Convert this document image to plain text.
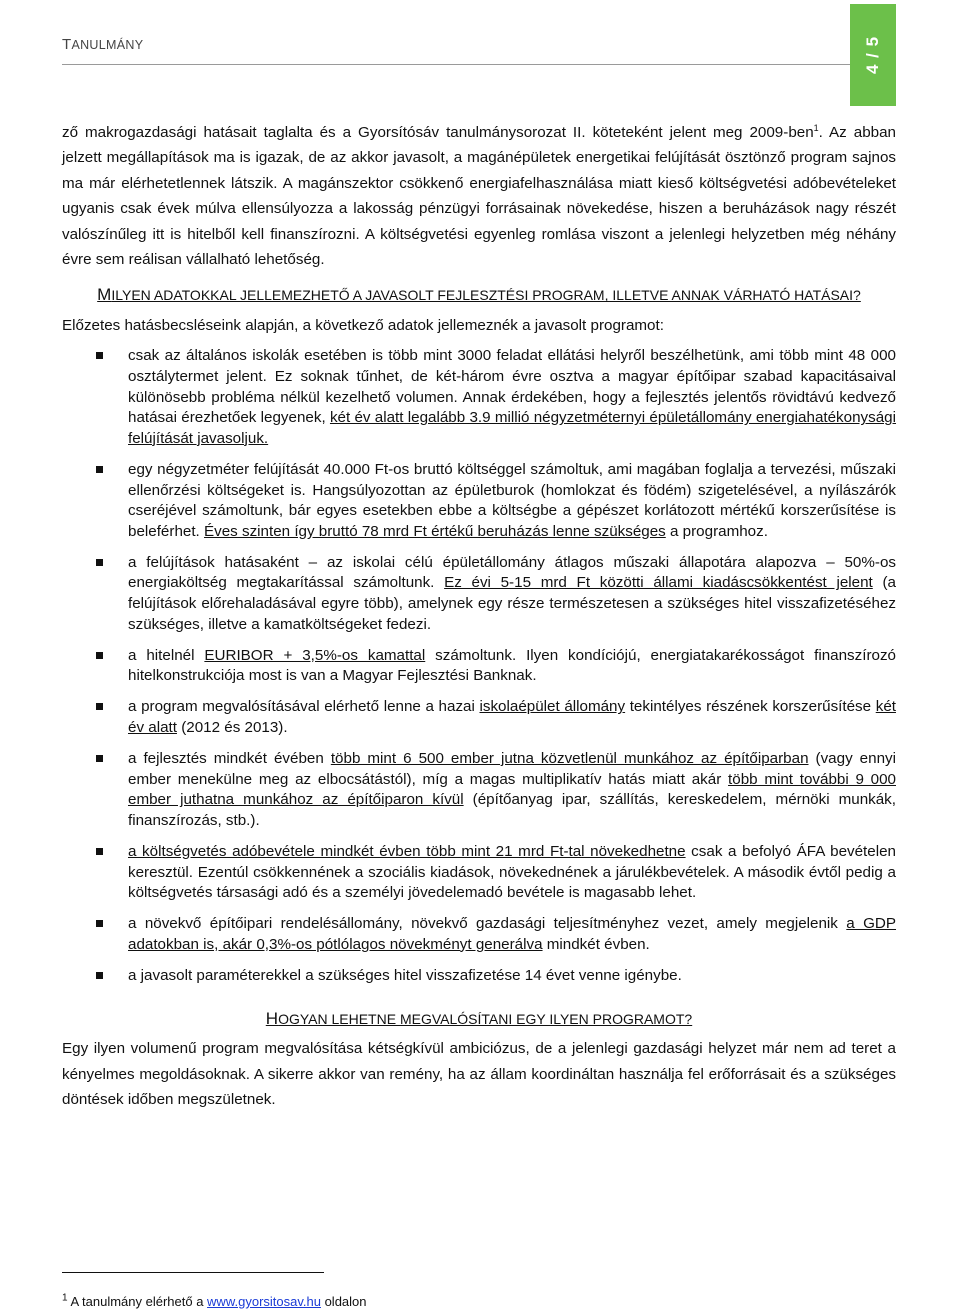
TANULMÁNY	4 / 5

ző makrogazdasági hatásait taglalta és a Gyorsítósáv tanulmánysorozat II. köteteként jelent meg 2009-ben$^1$. Az abban jelzett megállapítások ma is igazak, de az akkor javasolt, a magánépületek energetikai felújítását ösztönző program sajnos ma már elérhetetlennek látszik. A magánszektor csökkenő energiafelhasználása miatt kieső költségvetési adóbevételeket ugyanis csak évek múlva ellensúlyozza a lakosság pénzügyi forrásainak növekedése, hiszen a beruházások nagy részét valószínűleg itt is hitelből kell finanszírozni. A költségvetési egyenleg romlása viszont a jelenlegi helyzetben még néhány évre sem reálisan vállalható lehetőség.

MILYEN ADATOKKAL JELLEMEZHETŐ A JAVASOLT FEJLESZTÉSI PROGRAM, ILLETVE ANNAK VÁRHATÓ HATÁSAI?

Előzetes hatásbecsléseink alapján, a következő adatok jellemeznék a javasolt programot:

csak az általános iskolák esetében is több mint 3000 feladat ellátási helyről beszélhetünk, ami több mint 48 000 osztálytermet jelent. Ez soknak tűnhet, de két-három évre osztva a magyar építőipar szabad kapacitásaival különösebb probléma nélkül kezelhető volumen. Annak érdekében, hogy a fejlesztés jelentős rövidtávú kedvező hatásai érezhetőek legyenek, két év alatt legalább 3.9 millió négyzetméternyi épületállomány energiahatékonysági felújítását javasoljuk.
egy négyzetméter felújítását 40.000 Ft-os bruttó költséggel számoltuk, ami magában foglalja a tervezési, műszaki ellenőrzési költségeket is. Hangsúlyozottan az épületburok (homlokzat és födém) szigetelésével, a nyílászárók cseréjével számoltunk, bár egyes esetekben ebbe a költségbe a gépészet korlátozott mértékű korszerűsítése is beleférhet. Éves szinten így bruttó 78 mrd Ft értékű beruházás lenne szükséges a programhoz.
a felújítások hatásaként – az iskolai célú épületállomány átlagos műszaki állapotára alapozva – 50%-os energiaköltség megtakarítással számoltunk. Ez évi 5-15 mrd Ft közötti állami kiadáscsökkentést jelent (a felújítások előrehaladásával egyre több), amelynek egy része természetesen a szükséges hitel visszafizetéséhez szükséges, illetve a kamatköltségeket fedezi.
a hitelnél EURIBOR + 3,5%-os kamattal számoltunk. Ilyen kondíciójú, energiatakarékosságot finanszírozó hitelkonstrukciója most is van a Magyar Fejlesztési Banknak.
a program megvalósításával elérhető lenne a hazai iskolaépület állomány tekintélyes részének korszerűsítése két év alatt (2012 és 2013).
a fejlesztés mindkét évében több mint 6 500 ember jutna közvetlenül munkához az építőiparban (vagy ennyi ember menekülne meg az elbocsátástól), míg a magas multiplikatív hatás miatt akár több mint további 9 000 ember juthatna munkához az építőiparon kívül (építőanyag ipar, szállítás, kereskedelem, mérnöki munkák, finanszírozás, stb.).
a költségvetés adóbevétele mindkét évben több mint 21 mrd Ft-tal növekedhetne csak a befolyó ÁFA bevételen keresztül. Ezentúl csökkennének a szociális kiadások, növekednének a járulékbevételek. A második évtől pedig a költségvetés társasági adó és a személyi jövedelemadó bevétele is magasabb lehet.
a növekvő építőipari rendelésállomány, növekvő gazdasági teljesítményhez vezet, amely megjelenik a GDP adatokban is, akár 0,3%-os pótlólagos növekményt generálva mindkét évben.
a javasolt paraméterekkel a szükséges hitel visszafizetése 14 évet venne igénybe.

HOGYAN LEHETNE MEGVALÓSÍTANI EGY ILYEN PROGRAMOT?

Egy ilyen volumenű program megvalósítása kétségkívül ambiciózus, de a jelenlegi gazdasági helyzet már nem ad teret a kényelmes megoldásoknak. A sikerre akkor van remény, ha az állam koordináltan használja fel erőforrásait és a szükséges döntések időben megszületnek.

$^1$ A tanulmány elérhető a www.gyorsitosav.hu oldalon
